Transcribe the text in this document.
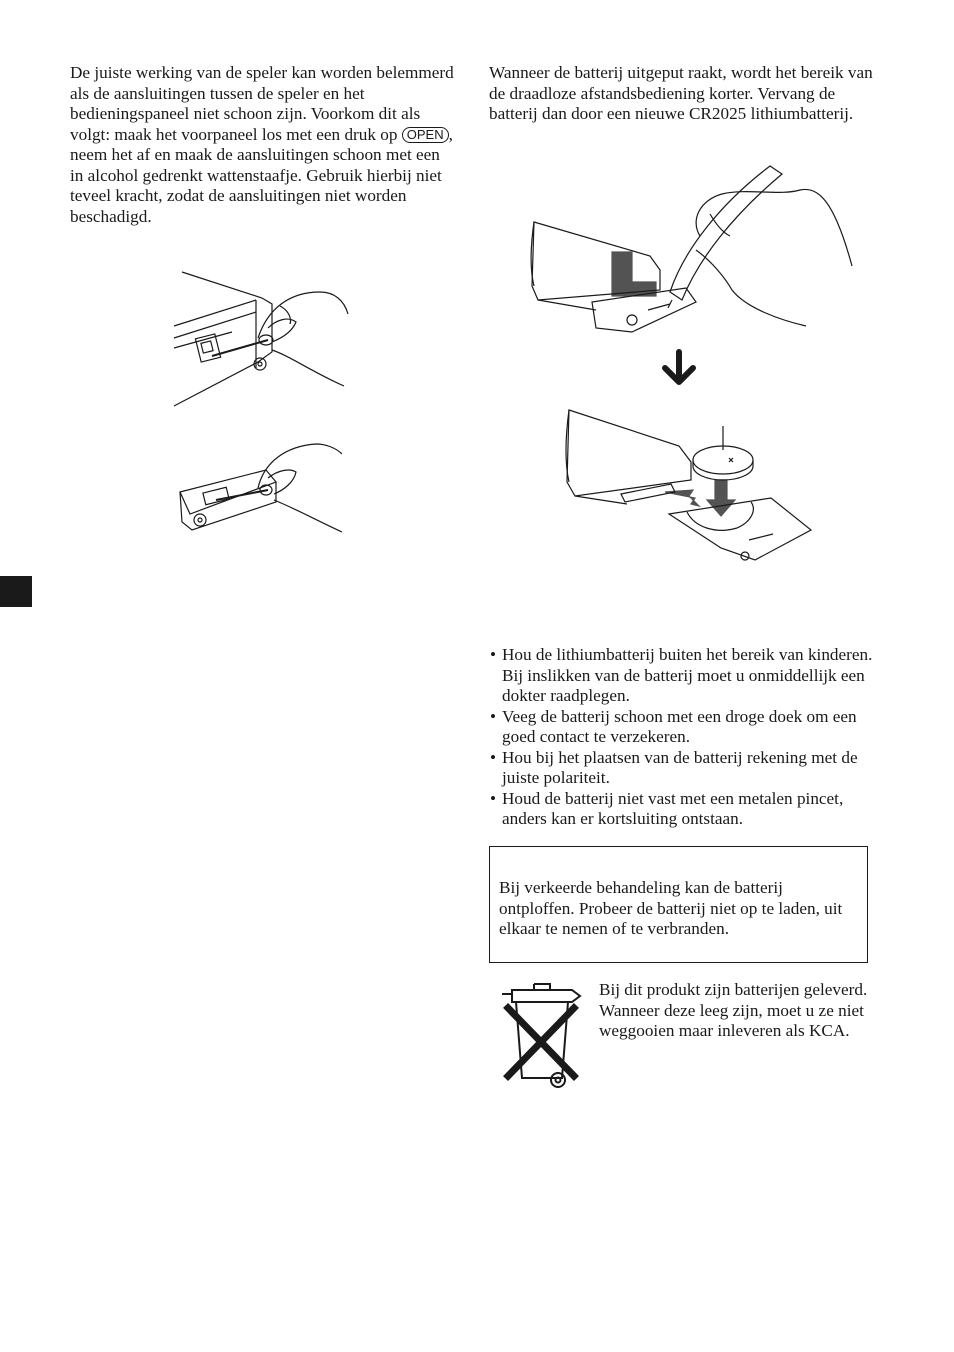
De juiste werking van de speler kan worden belemmerd als de aansluitingen tussen de speler en het bedieningspaneel niet schoon zijn. Voorkom dit als volgt: maak het voorpaneel los met een druk op OPEN , neem het af en maak de aansluitingen schoon met een in alcohol gedrenkt wattenstaafje. Gebruik hierbij niet teveel kracht, zodat de aansluitingen niet worden beschadigd.

Wanneer de batterij uitgeput raakt, wordt het bereik van de draadloze afstandsbediening korter. Vervang de batterij dan door een nieuwe CR2025 lithiumbatterij.

• Hou de lithiumbatterij buiten het bereik van kinderen. Bij inslikken van de batterij moet u onmiddellijk een dokter raadplegen.
• Veeg de batterij schoon met een droge doek om een goed contact te verzekeren.
• Hou bij het plaatsen van de batterij rekening met de juiste polariteit.
• Houd de batterij niet vast met een metalen pincet, anders kan er kortsluiting ontstaan.

Bij verkeerde behandeling kan de batterij ontploffen. Probeer de batterij niet op te laden, uit elkaar te nemen of te verbranden.

Bij dit produkt zijn batterijen geleverd. Wanneer deze leeg zijn, moet u ze niet weggooien maar inleveren als KCA.
